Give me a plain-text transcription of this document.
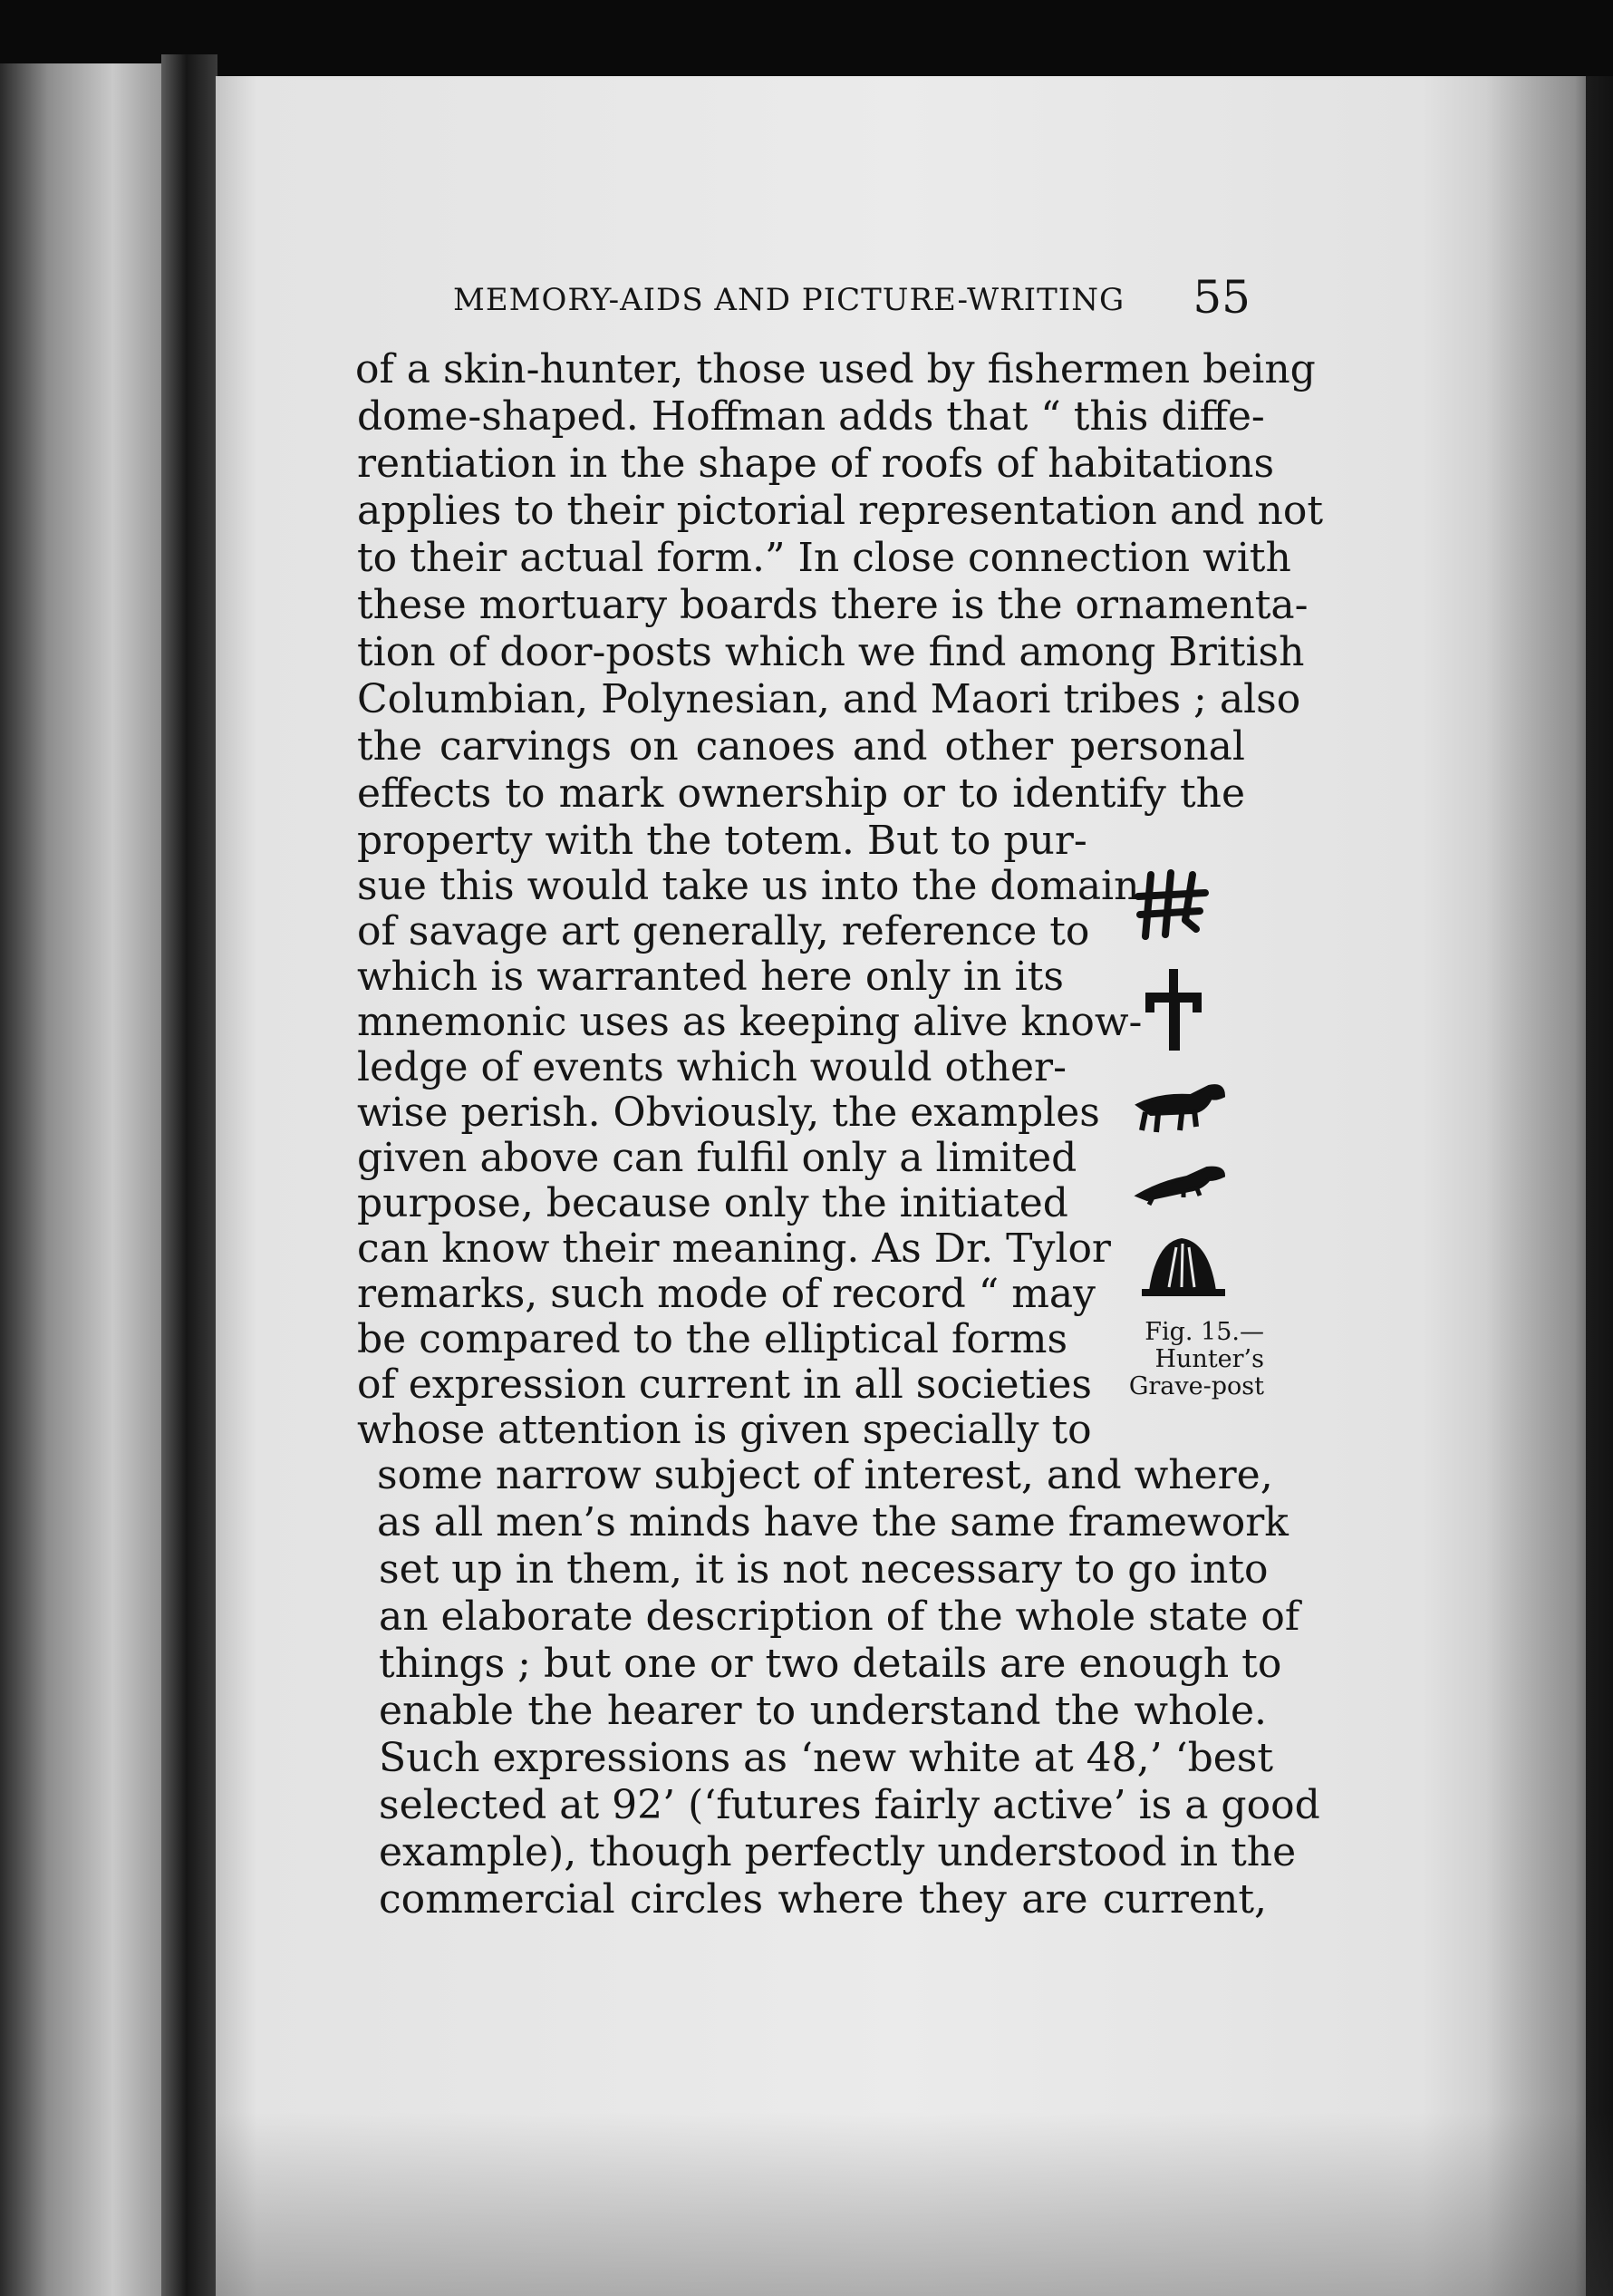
MEMORY-AIDS AND PICTURE-WRITING 55
of a skin-hunter, those used by fishermen being
dome-shaped. Hoffman adds that “ this diffe-
rentiation in the shape of roofs of habitations
applies to their pictorial representation and not
to their actual form.” In close connection with
these mortuary boards there is the ornamenta-
tion of door-posts which we find among British
Columbian, Polynesian, and Maori tribes ; also
the carvings on canoes and other personal
effects to mark ownership or to identify the
property with the totem. But to pur-
sue this would take us into the domain
of savage art generally, reference to
which is warranted here only in its
mnemonic uses as keeping alive know-
ledge of events which would other-
wise perish. Obviously, the examples
given above can fulfil only a limited
purpose, because only the initiated
can know their meaning. As Dr. Tylor
remarks, such mode of record “ may
be compared to the elliptical forms
of expression current in all societies
whose attention is given specially to
some narrow subject of interest, and where,
as all men’s minds have the same framework
set up in them, it is not necessary to go into
an elaborate description of the whole state of
things ; but one or two details are enough to
enable the hearer to understand the whole.
Such expressions as ‘new white at 48,’ ‘best
selected at 92’ (‘futures fairly active’ is a good
example), though perfectly understood in the
commercial circles where they are current,
Fig. 15.—
Hunter’s
Grave-post
